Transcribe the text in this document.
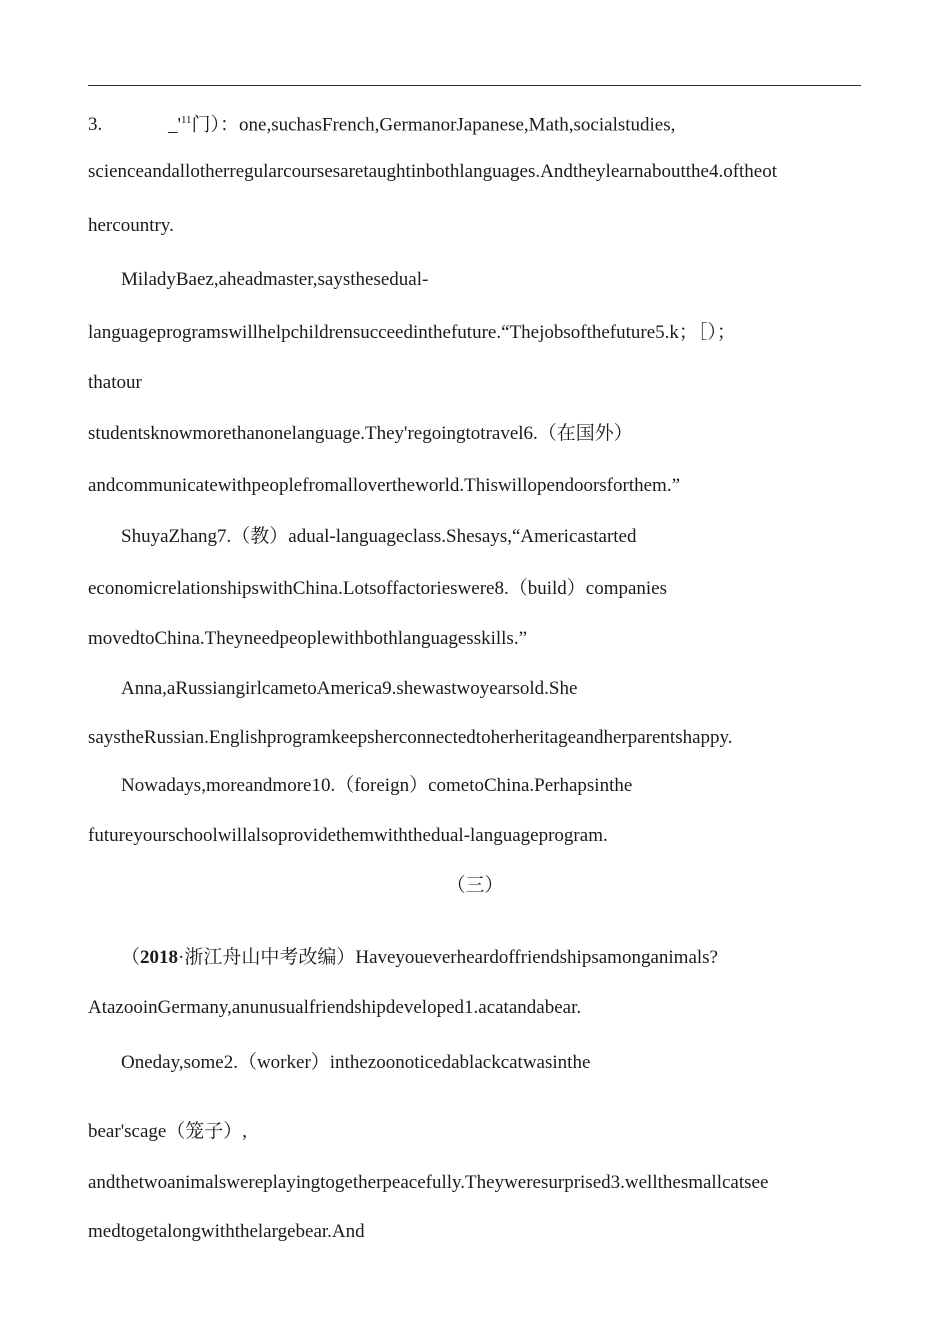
3.	$\_'^{11}$门）：one,suchasFrench,GermanorJapanese,Math,socialstudies,
scienceandallotherregularcoursesaretaughtinbothlanguages.Andtheylearnaboutthe4.oftheot
hercountry.
MiladyBaez,aheadmaster,saysthesedual-
languageprogramswillhelpchildrensucceedinthefuture.“Thejobsofthefuture5.k；［）；
thatour
studentsknowmorethanonelanguage.They'regoingtotravel6.（在国外）
andcommunicatewithpeoplefromallovertheworld.Thiswillopendoorsforthem.”
ShuyaZhang7.（教）adual-languageclass.Shesays,“Americastarted
economicrelationshipswithChina.Lotsoffactorieswere8.（build）companies
movedtoChina.Theyneedpeoplewithbothlanguagesskills.”
Anna,aRussiangirlcametoAmerica9.shewastwoyearsold.She
saystheRussian.Englishprogramkeepsherconnectedtoherheritageandherparentshappy.
Nowadays,moreandmore10.（foreign）cometoChina.Perhapsinthe
futureyourschoolwillalsoprovidethemwiththedual-languageprogram.
（三）
（2018·浙江舟山中考改编）Haveyoueverheardoffriendshipsamonganimals?
AtazooinGermany,anunusualfriendshipdeveloped1.acatandabear.
Oneday,some2.（worker）inthezoonoticedablackcatwasinthe
bear'scage（笼子）,
andthetwoanimalswereplayingtogetherpeacefully.Theyweresurprised3.wellthesmallcatsee
medtogetalongwiththelargebear.And
